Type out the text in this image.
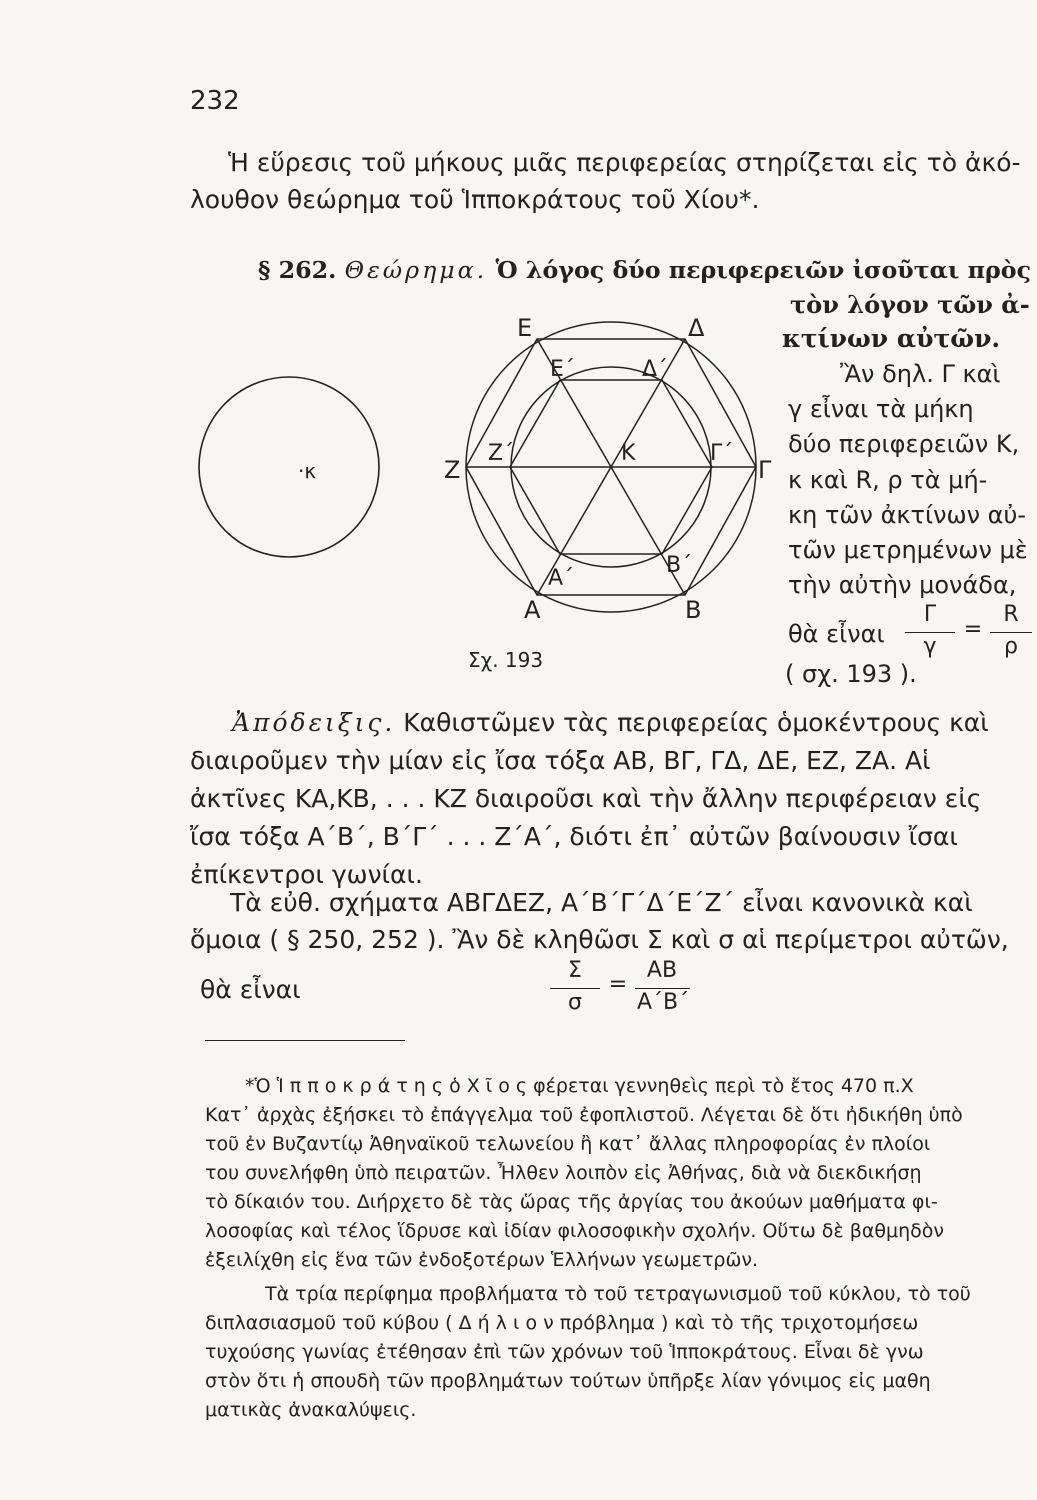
232
Ἡ εὕρεσις τοῦ μήκους μιᾶς περιφερείας στηρίζεται εἰς τὸ ἀκό-
λουθον θεώρημα τοῦ Ἱπποκράτους τοῦ Χίου*.
§ 262. Θεώρημα. Ὁ λόγος δύο περιφερειῶν ἰσοῦται πρὸς
τὸν λόγον τῶν ἀ-
κτίνων αὐτῶν.
Ἂν δηλ. Γ καὶ
γ εἶναι τὰ μήκη
δύο περιφερειῶν Κ,
κ καὶ R, ρ τὰ μή-
κη τῶν ἀκτίνων αὐ-
τῶν μετρημένων μὲ
τὴν αὐτὴν μονάδα,
θὰ εἶναι
( σχ. 193 ).
Γ
γ
=
R
ρ
·κ
Ε	Δ
Ε΄	Δ΄
Ζ
Ζ΄	Κ	Γ΄
Γ
Β΄
Α΄
Α	Β
Σχ. 193
Ἀπόδειξις. Καθιστῶμεν τὰς περιφερείας ὁμοκέντρους καὶ
διαιροῦμεν τὴν μίαν εἰς ἴσα τόξα ΑΒ, ΒΓ, ΓΔ, ΔΕ, ΕΖ, ΖΑ. Αἱ
ἀκτῖνες ΚΑ,ΚΒ, . . . ΚΖ διαιροῦσι καὶ τὴν ἄλλην περιφέρειαν εἰς
ἴσα τόξα Α΄Β΄, Β΄Γ΄ . . . Ζ΄Α΄, διότι ἐπ᾿ αὐτῶν βαίνουσιν ἴσαι
ἐπίκεντροι γωνίαι.
Τὰ εὐθ. σχήματα ΑΒΓΔΕΖ, Α΄Β΄Γ΄Δ΄Ε΄Ζ΄ εἶναι κανονικὰ καὶ
ὅμοια ( § 250, 252 ). Ἂν δὲ κληθῶσι Σ καὶ σ αἱ περίμετροι αὐτῶν,
θὰ εἶναι
Σ
σ
=
ΑΒ
Α΄Β΄
*Ὁ Ἱ π π ο κ ρ ά τ η ς ὁ Χ ῖ ο ς φέρεται γεννηθεὶς περὶ τὸ ἔτος 470 π.Χ
Κατ᾿ ἀρχὰς ἐξήσκει τὸ ἐπάγγελμα τοῦ ἐφοπλιστοῦ. Λέγεται δὲ ὅτι ἠδικήθη ὑπὸ
τοῦ ἐν Βυζαντίῳ Ἀθηναϊκοῦ τελωνείου ἢ κατ᾿ ἄλλας πληροφορίας ἐν πλοίοι
του συνελήφθη ὑπὸ πειρατῶν. Ἦλθεν λοιπὸν εἰς Ἀθήνας, διὰ νὰ διεκδικήσῃ
τὸ δίκαιόν του. Διήρχετο δὲ τὰς ὥρας τῆς ἀργίας του ἀκούων μαθήματα φι-
λοσοφίας καὶ τέλος ἵδρυσε καὶ ἰδίαν φιλοσοφικὴν σχολήν. Οὕτω δὲ βαθμηδὸν
ἐξειλίχθη εἰς ἕνα τῶν ἐνδοξοτέρων Ἑλλήνων γεωμετρῶν.
Τὰ τρία περίφημα προβλήματα τὸ τοῦ τετραγωνισμοῦ τοῦ κύκλου, τὸ τοῦ
διπλασιασμοῦ τοῦ κύβου ( Δ ή λ ι ο ν πρόβλημα ) καὶ τὸ τῆς τριχοτομήσεω
τυχούσης γωνίας ἐτέθησαν ἐπὶ τῶν χρόνων τοῦ Ἱπποκράτους. Εἶναι δὲ γνω
στὸν ὅτι ἡ σπουδὴ τῶν προβλημάτων τούτων ὑπῆρξε λίαν γόνιμος εἰς μαθη
ματικὰς ἀνακαλύψεις.
